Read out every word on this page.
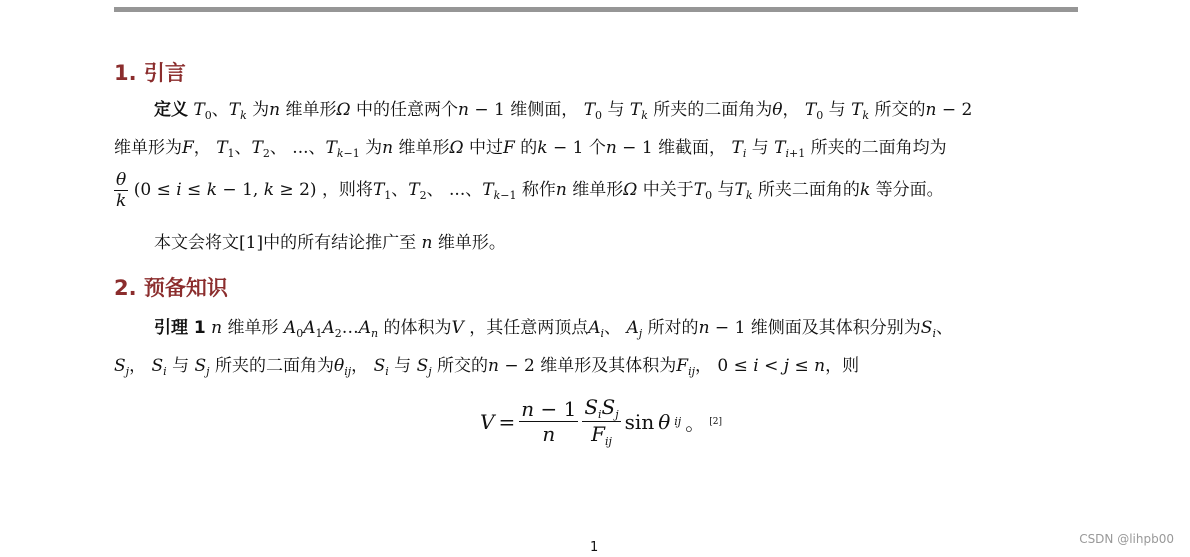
1. 引言
定义 $T_0$、$T_k$ 为n 维单形Ω 中的任意两个n − 1 维侧面， $T_0$ 与 $T_k$ 所夹的二面角为θ， $T_0$ 与 $T_k$ 所交的n − 2
维单形为F， $T_1$、$T_2$、 ...、$T_{k-1}$ 为n 维单形Ω 中过F 的k − 1 个n − 1 维截面， $T_i$ 与 $T_{i+1}$ 所夹的二面角均为
$\frac{\theta}{k} (0 \le i \le k - 1$, k ≥ 2) ，则将$T_1$、$T_2$、 ...、$T_{k-1}$ 称作n 维单形Ω 中关于$T_0$ 与$T_k$ 所夹二面角的k 等分面。
本文会将文[1]中的所有结论推广至 n 维单形。
2. 预备知识
引理 1 n 维单形 $A_0A_1A_2\dots A_n$ 的体积为V ，其任意两顶点$A_i$、 $A_j$ 所对的n − 1 维侧面及其体积分别为$S_i$、
$S_j$， $S_i$ 与 $S_j$ 所夹的二面角为$\theta_{ij}$， $S_i$ 与 $S_j$ 所交的n − 2 维单形及其体积为$F_{ij}$， 0 ≤ i < j ≤ n，则
$V = \frac{n - 1}{n} \frac{S_iS_j}{F_{ij}}$ sin θ ij 。 [2]
1
CSDN @lihpb00
